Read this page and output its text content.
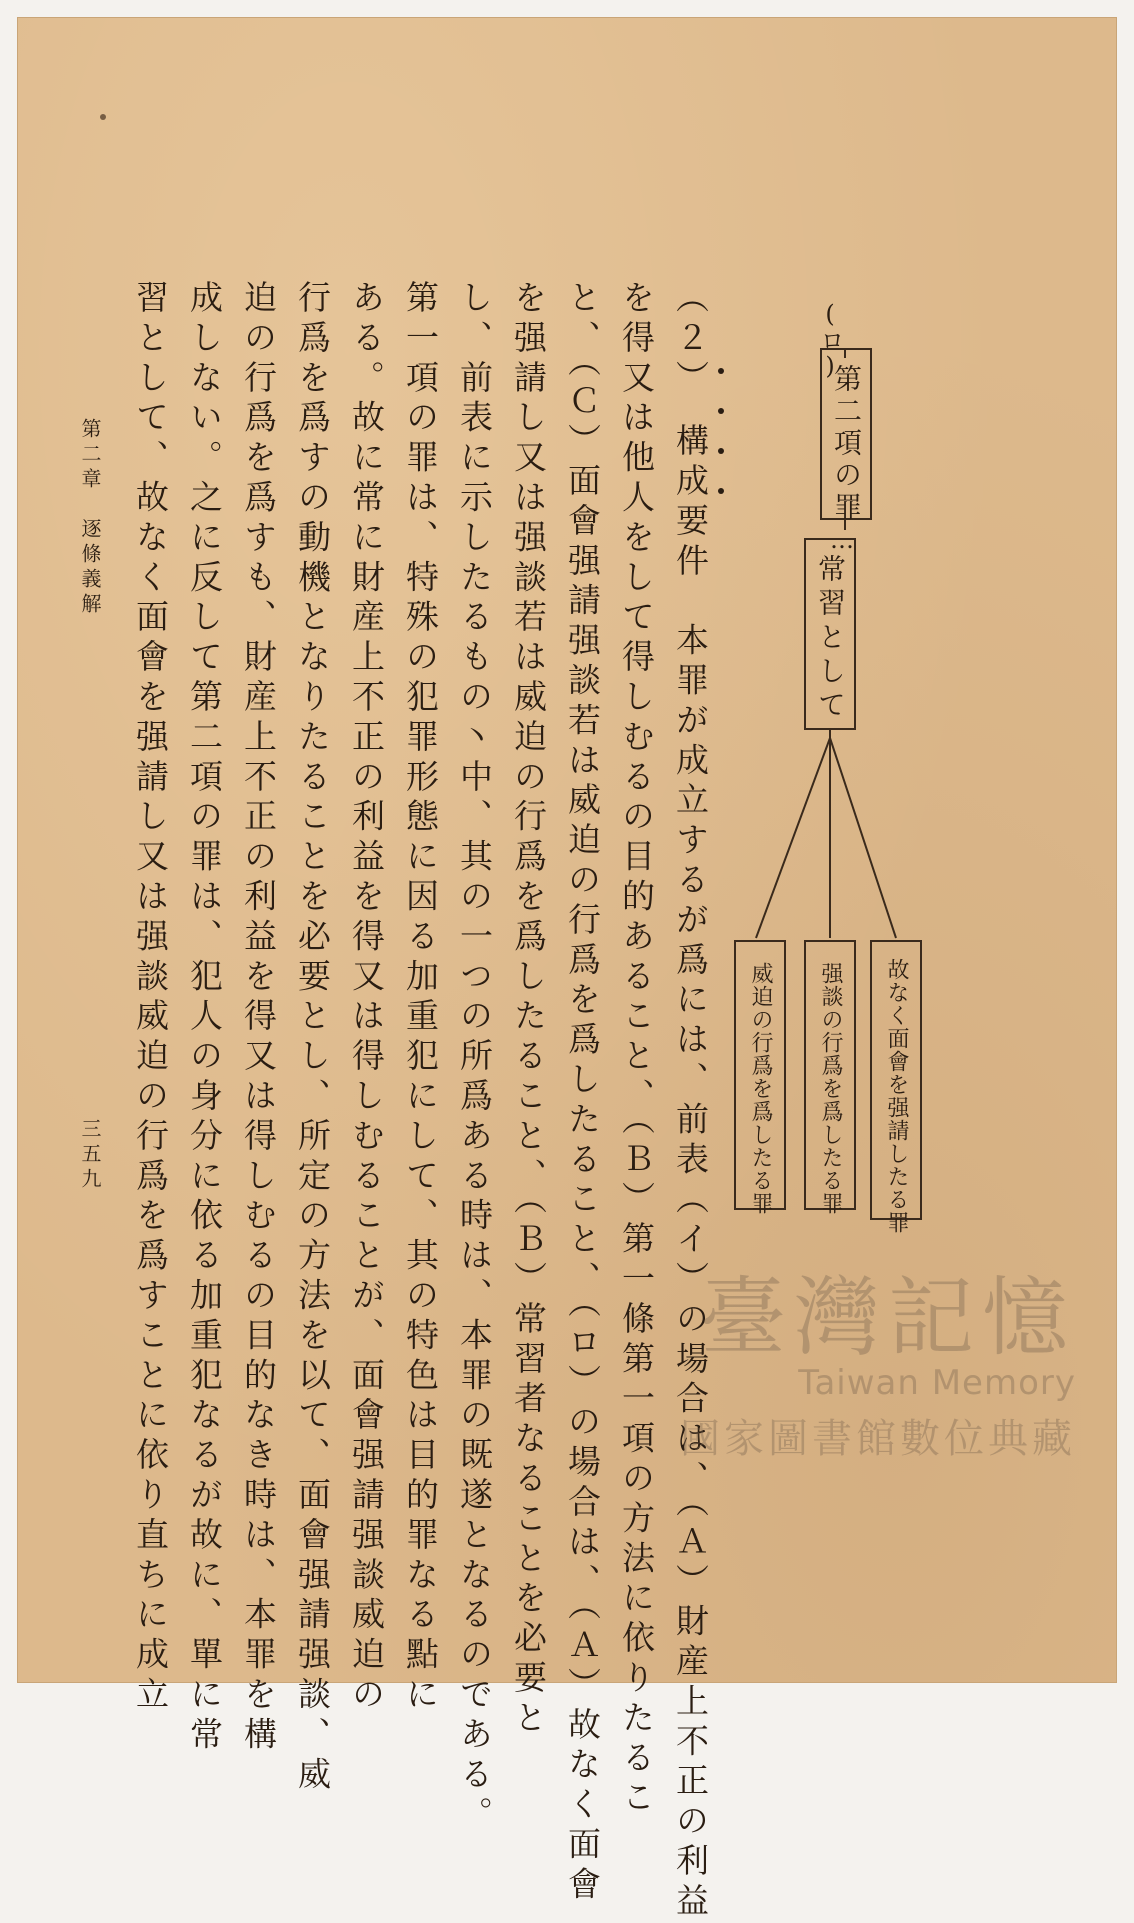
(ロ)
第二項の罪
…
常習として
故なく面會を强請したる罪
强談の行爲を爲したる罪
威迫の行爲を爲したる罪
（２）　構成要件　本罪が成立するが爲には、前表（イ）の場合は、（Ａ）財産上不正の利益
を得又は他人をして得しむるの目的あること、（Ｂ）第一條第一項の方法に依りたるこ
と、（Ｃ）面會强請强談若は威迫の行爲を爲したること、（ロ）の場合は、（Ａ）故なく面會
を强請し又は强談若は威迫の行爲を爲したること、（Ｂ）常習者なることを必要と
し、前表に示したるもの丶中、其の一つの所爲ある時は、本罪の既遂となるのである。
第一項の罪は、特殊の犯罪形態に因る加重犯にして、其の特色は目的罪なる點に
ある。故に常に財産上不正の利益を得又は得しむることが、面會强請强談威迫の
行爲を爲すの動機となりたることを必要とし、所定の方法を以て、面會强請强談、威
迫の行爲を爲すも、財産上不正の利益を得又は得しむるの目的なき時は、本罪を構
成しない。之に反して第二項の罪は、犯人の身分に依る加重犯なるが故に、單に常
習として、故なく面會を强請し又は强談威迫の行爲を爲すことに依り直ちに成立
第二章　逐條義解
三五九
臺灣記憶
Taiwan Memory
國家圖書館數位典藏
